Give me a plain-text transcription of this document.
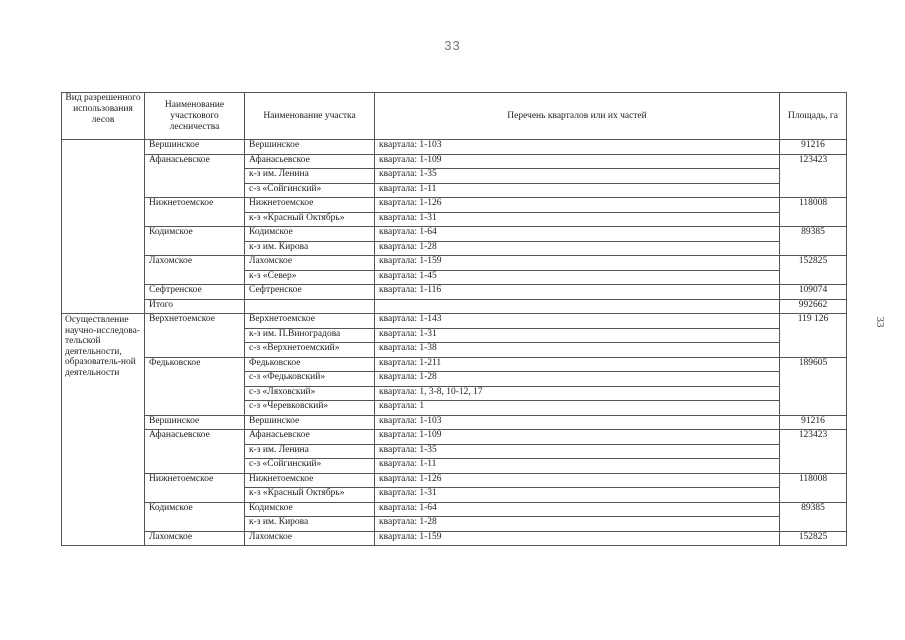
33
33
Вид разрешенного использования лесов	Наименование участкового лесничества	Наименование участка	Перечень кварталов или их частей	Площадь, га
	Вершинское	Вершинское	квартала: 1-103	91216
	Афанасьевское	Афанасьевское	квартала: 1-109	123423
		к-з им. Ленина	квартала: 1-35	
		с-з «Сойгинский»	квартала: 1-11	
	Нижнетоемское	Нижнетоемское	квартала: 1-126	118008
		к-з «Красный Октябрь»	квартала: 1-31	
	Кодимское	Кодимское	квартала: 1-64	89385
		к-з им. Кирова	квартала: 1-28	
	Лахомское	Лахомское	квартала: 1-159	152825
		к-з «Север»	квартала: 1-45	
	Сефтренское	Сефтренское	квартала: 1-116	109074
	Итого			992662
Осуществление научно-исследова-тельской деятельности, образователь-ной деятельности	Верхнетоемское	Верхнетоемское	квартала: 1-143	119 126
		к-з им. П.Виноградова	квартала: 1-31	
		с-з «Верхнетоемский»	квартала: 1-38	
	Федьковское	Федьковское	квартала: 1-211	189605
		с-з «Федьковский»	квартала: 1-28	
		с-з «Ляховский»	квартала: 1, 3-8, 10-12, 17	
		с-з «Черевковский»	квартала: 1	
	Вершинское	Вершинское	квартала: 1-103	91216
	Афанасьевское	Афанасьевское	квартала: 1-109	123423
		к-з им. Ленина	квартала: 1-35	
		с-з «Сойгинский»	квартала: 1-11	
	Нижнетоемское	Нижнетоемское	квартала: 1-126	118008
		к-з «Красный Октябрь»	квартала: 1-31	
	Кодимское	Кодимское	квартала: 1-64	89385
		к-з им. Кирова	квартала: 1-28	
	Лахомское	Лахомское	квартала: 1-159	152825
